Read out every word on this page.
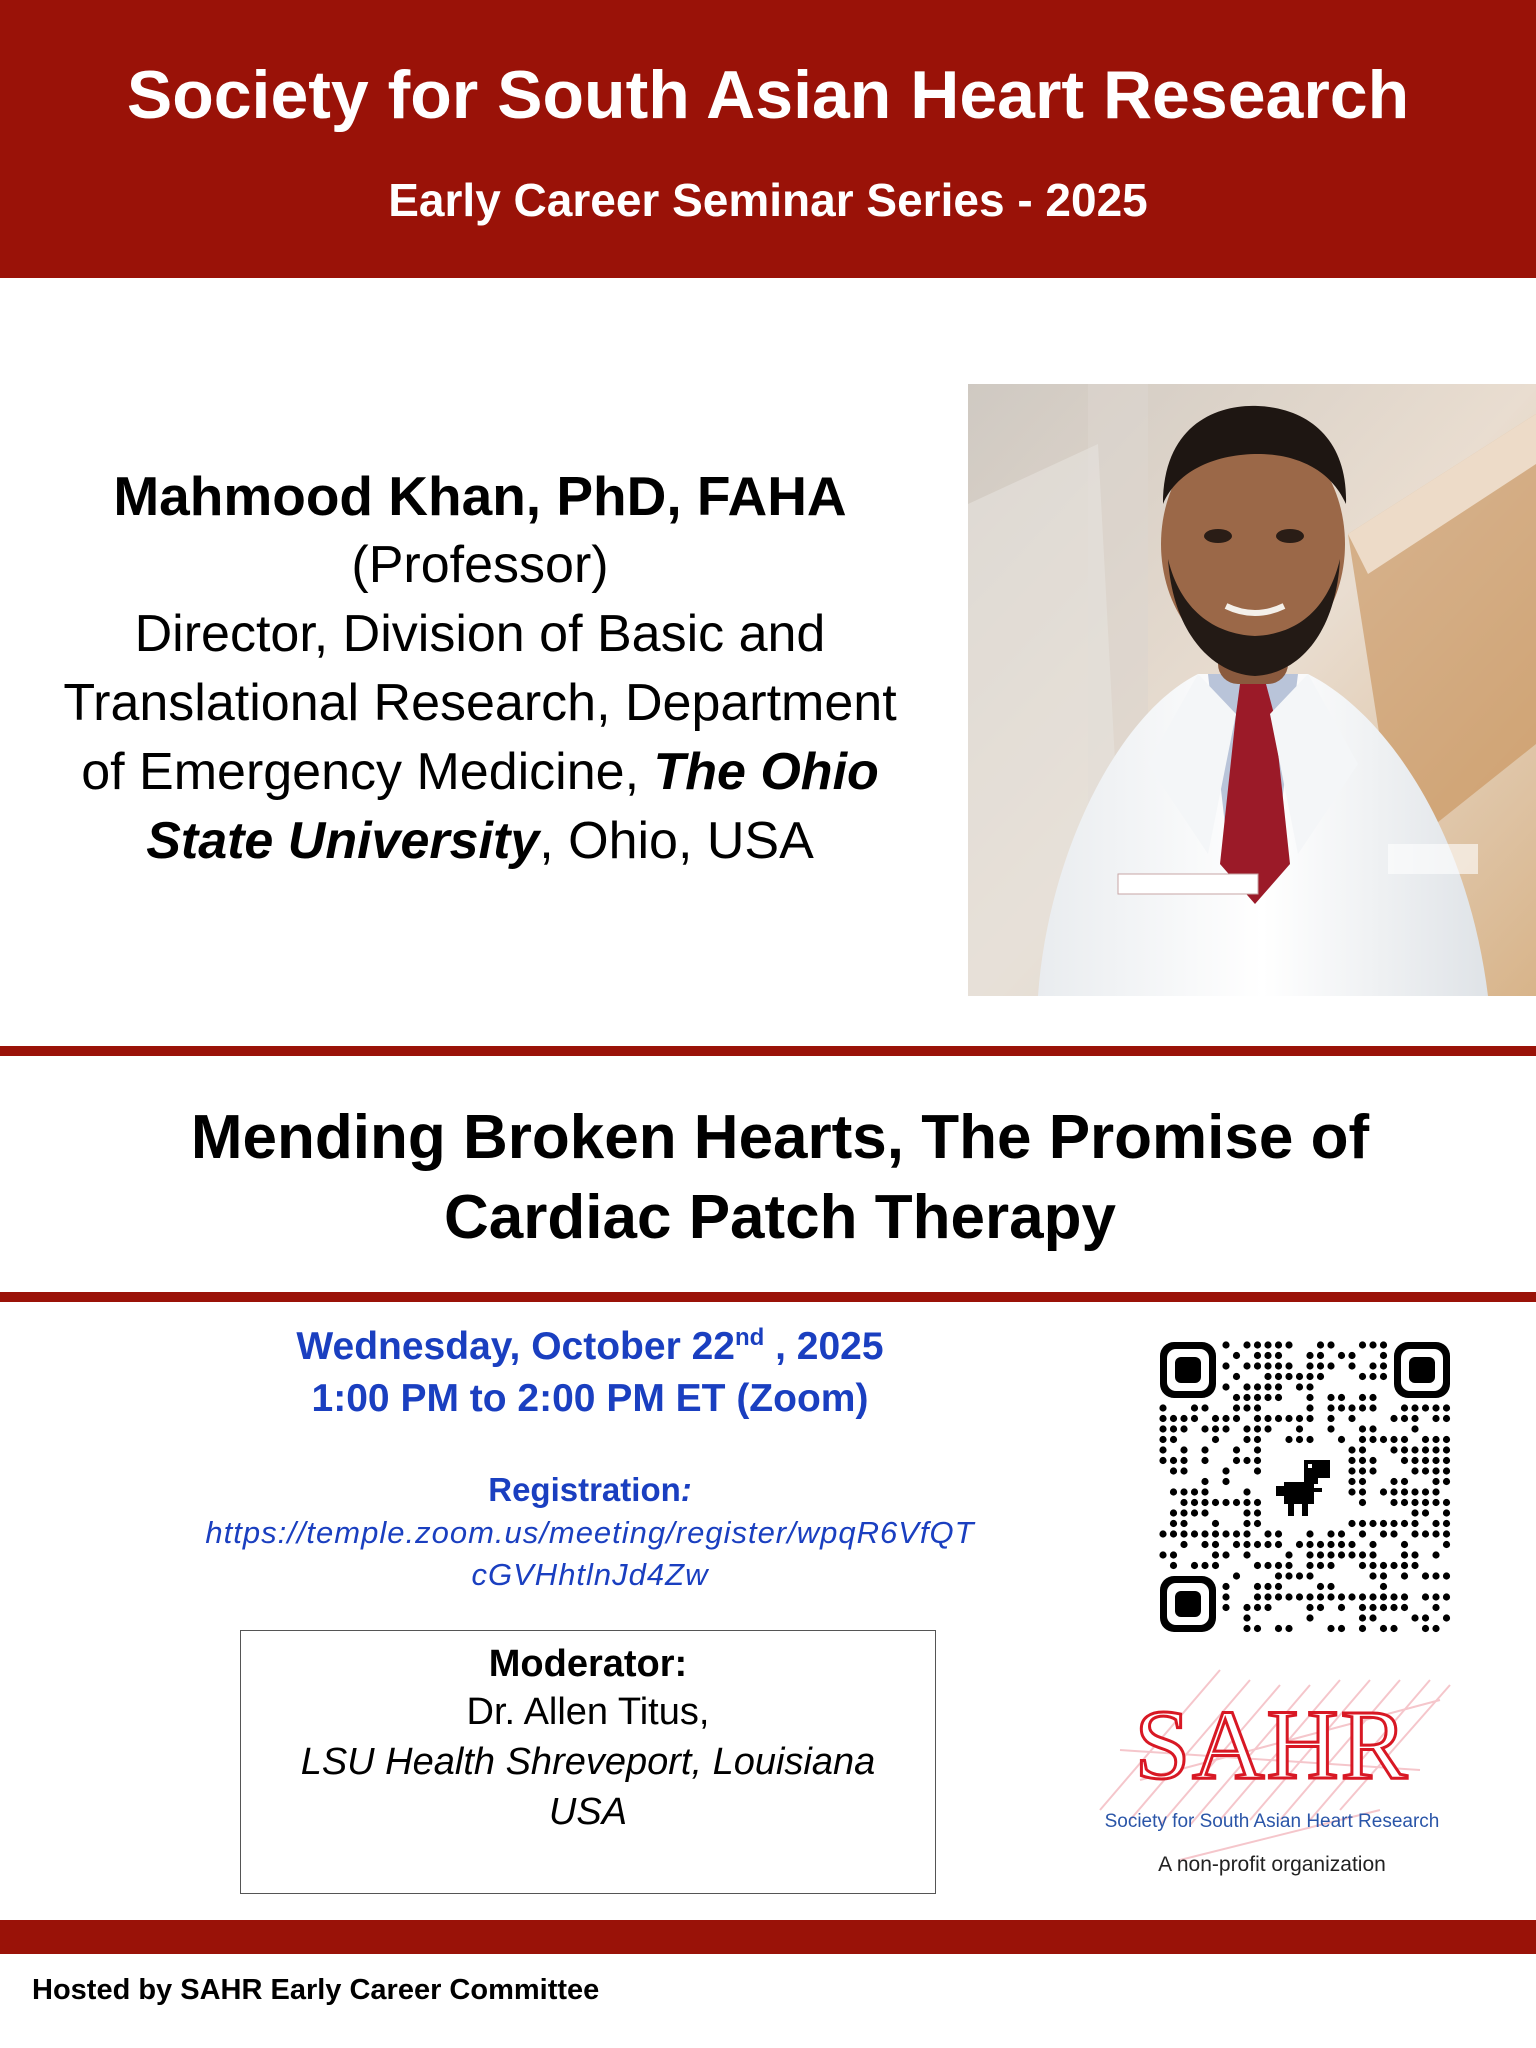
Society for South Asian Heart Research
Early Career Seminar Series - 2025
Mahmood Khan, PhD, FAHA
(Professor)
Director, Division of Basic and
Translational Research, Department
of Emergency Medicine, The Ohio
State University, Ohio, USA
Mending Broken Hearts, The Promise of
Cardiac Patch Therapy
Wednesday, October 22nd , 2025
1:00 PM to 2:00 PM ET (Zoom)
Registration:
https://temple.zoom.us/meeting/register/wpqR6VfQT
cGVHhtlnJd4Zw
Moderator:
Dr. Allen Titus,
LSU Health Shreveport, Louisiana
USA
SAHR
Society for South Asian Heart Research
A non-profit organization
Hosted by SAHR Early Career Committee
